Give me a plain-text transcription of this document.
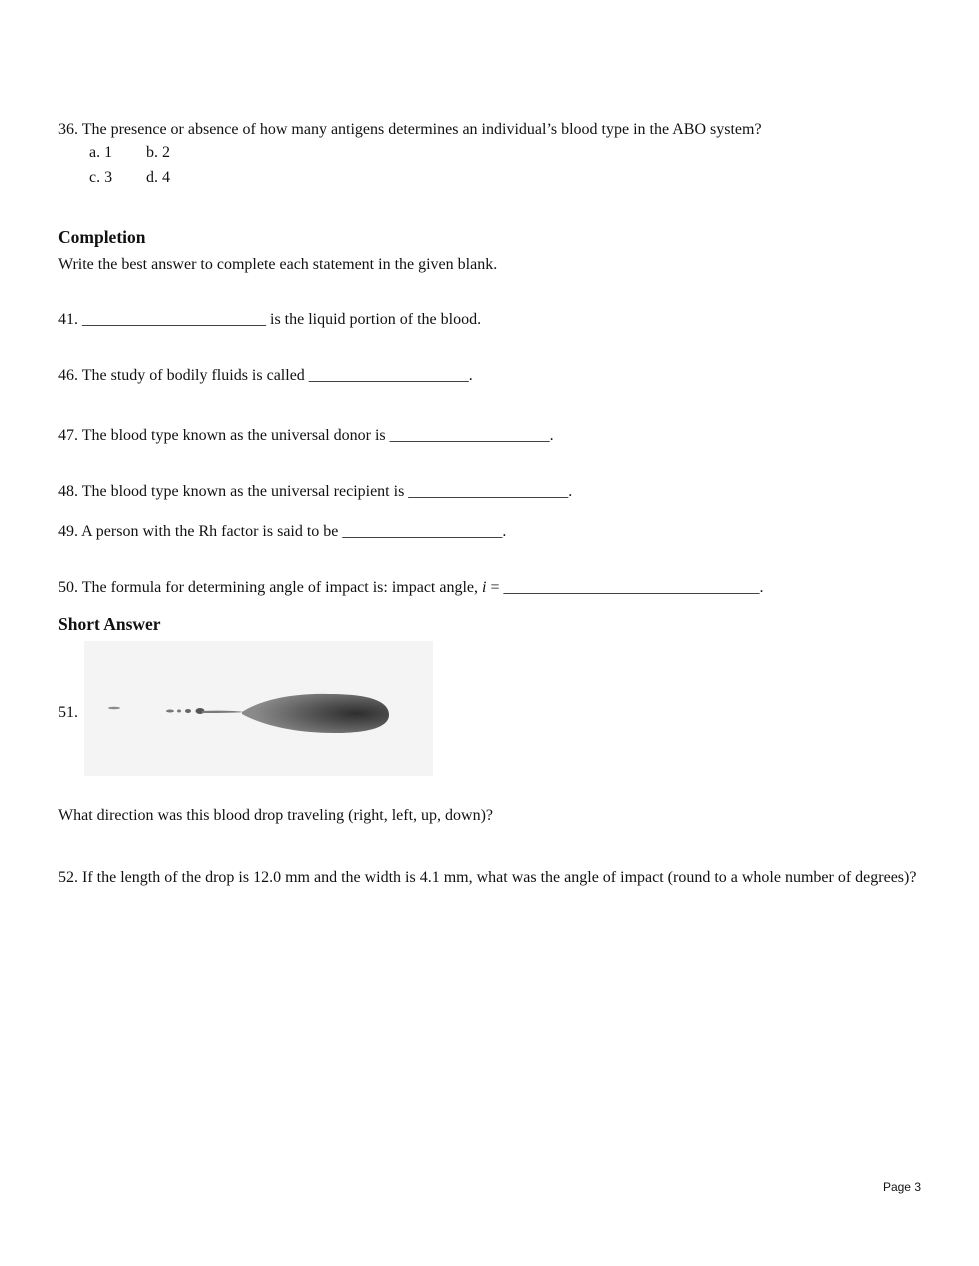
36. The presence or absence of how many antigens determines an individual’s blood type in the ABO system?
a. 1 b. 2
c. 3 d. 4
Completion
Write the best answer to complete each statement in the given blank.
41. _______________________ is the liquid portion of the blood.
46. The study of bodily fluids is called ____________________.
47. The blood type known as the universal donor is ____________________.
48. The blood type known as the universal recipient is ____________________.
49. A person with the Rh factor is said to be ____________________.
50. The formula for determining angle of impact is: impact angle, i = ________________________________.
Short Answer
51.
What direction was this blood drop traveling (right, left, up, down)?
52. If the length of the drop is 12.0 mm and the width is 4.1 mm, what was the angle of impact (round to a whole number of degrees)?
Page 3
